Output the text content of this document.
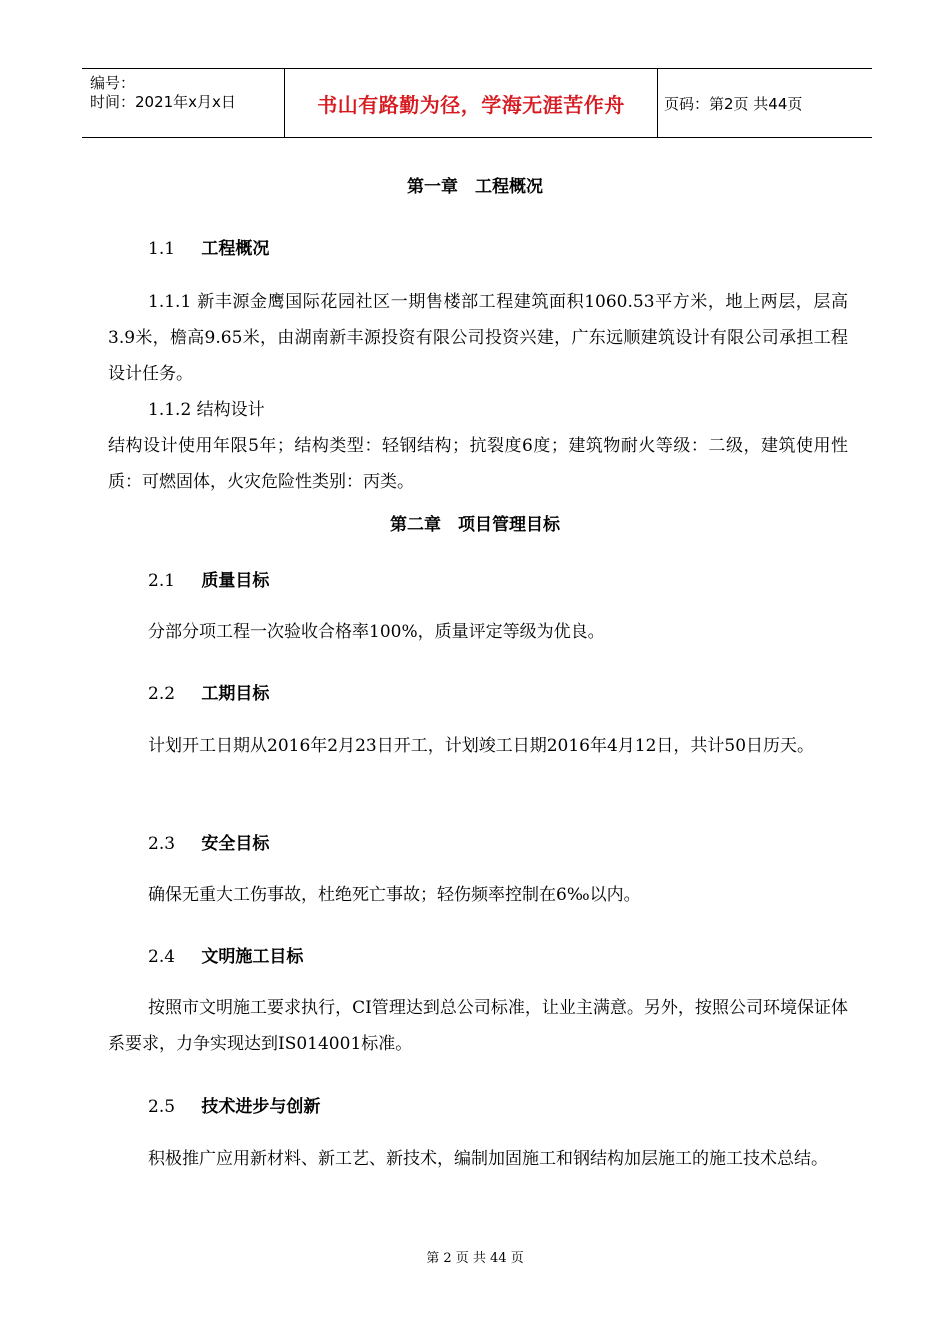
编号：
时间：2021年x月x日	书山有路勤为径，学海无涯苦作舟	页码：第2页 共44页
第一章　工程概况
1.1 工程概况
1.1.1 新丰源金鹰国际花园社区一期售楼部工程建筑面积1060.53平方米，地上两层，层高3.9米，檐高9.65米，由湖南新丰源投资有限公司投资兴建，广东远顺建筑设计有限公司承担工程设计任务。
1.1.2 结构设计
结构设计使用年限5年；结构类型：轻钢结构；抗裂度6度；建筑物耐火等级：二级，建筑使用性质：可燃固体，火灾危险性类别：丙类。
第二章　项目管理目标
2.1 质量目标
分部分项工程一次验收合格率100%，质量评定等级为优良。
2.2 工期目标
计划开工日期从2016年2月23日开工，计划竣工日期2016年4月12日，共计50日历天。
2.3 安全目标
确保无重大工伤事故，杜绝死亡事故；轻伤频率控制在6‰以内。
2.4 文明施工目标
按照市文明施工要求执行，CI管理达到总公司标准，让业主满意。另外，按照公司环境保证体系要求，力争实现达到IS014001标准。
2.5 技术进步与创新
积极推广应用新材料、新工艺、新技术，编制加固施工和钢结构加层施工的施工技术总结。
第 2 页 共 44 页
